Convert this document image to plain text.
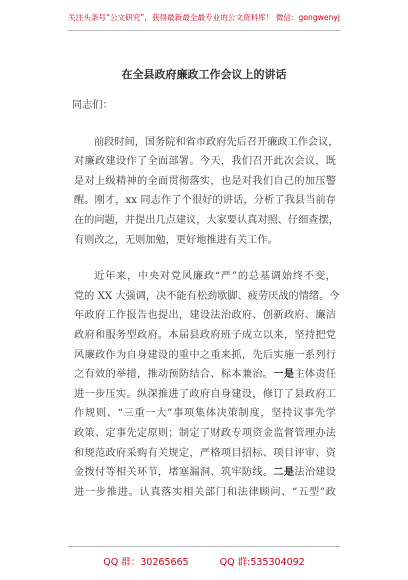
关注头条号“公文研究”，获得最新最全最专业的公文资料库！ 微信：gongwenyj
在全县政府廉政工作会议上的讲话
同志们：
前段时间，国务院和省市政府先后召开廉政工作会议，
对廉政建设作了全面部署。今天，我们召开此次会议，既
是对上级精神的全面贯彻落实，也是对我们自己的加压警
醒。刚才，xx 同志作了个很好的讲话，分析了我县当前存
在的问题，并提出几点建议，大家要认真对照、仔细查摆，
有则改之，无则加勉，更好地推进有关工作。
近年来，中央对党风廉政“严”的总基调始终不变，
党的 XX 大强调，决不能有松劲歇脚、疲劳厌战的情绪。今
年政府工作报告也提出，建设法治政府、创新政府、廉洁
政府和服务型政府。本届县政府班子成立以来，坚持把党
风廉政作为自身建设的重中之重来抓，先后实施一系列行
之有效的举措，推动预防结合、标本兼治。一是主体责任
进一步压实。纵深推进了政府自身建设，修订了县政府工
作规则、“三重一大”事项集体决策制度，坚持议事先学
政策、定事先定原则；制定了财政专项资金监督管理办法
和规范政府采购有关规定，严格项目招标、项目评审、资
金拨付等相关环节，堵塞漏洞、筑牢防线。二是法治建设
进一步推进。认真落实相关部门和法律顾问、“五型”政
QQ 群：30265665	QQ 群:535304092
